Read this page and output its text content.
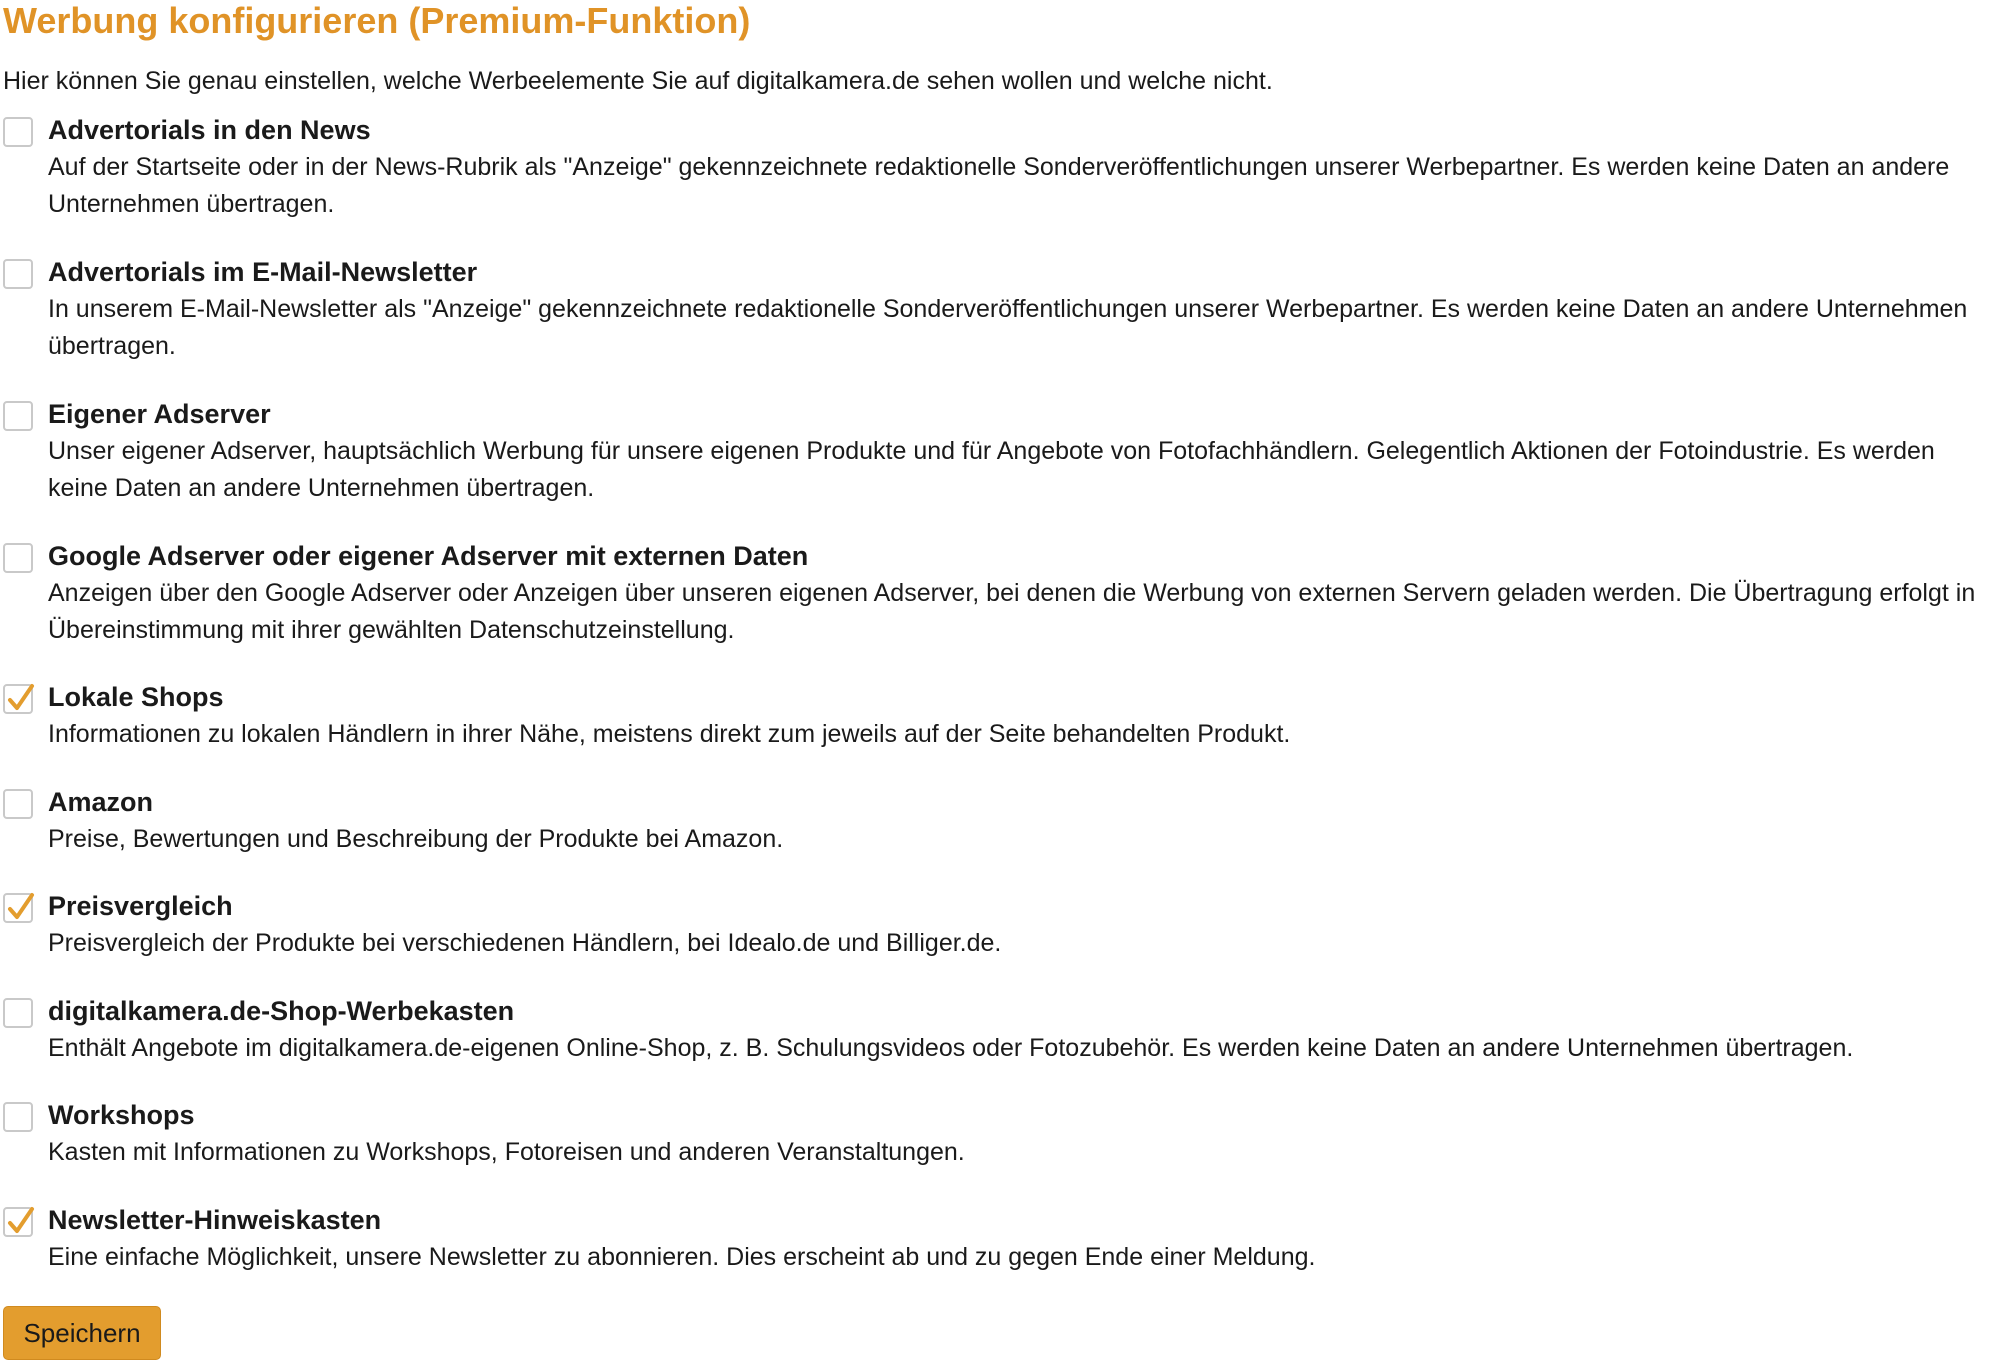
Werbung konfigurieren (Premium-Funktion)

Hier können Sie genau einstellen, welche Werbeelemente Sie auf digitalkamera.de sehen wollen und welche nicht.

Advertorials in den News
Auf der Startseite oder in der News-Rubrik als "Anzeige" gekennzeichnete redaktionelle Sonderveröffentlichungen unserer Werbepartner. Es werden keine Daten an andere Unternehmen übertragen.
Advertorials im E-Mail-Newsletter
In unserem E-Mail-Newsletter als "Anzeige" gekennzeichnete redaktionelle Sonderveröffentlichungen unserer Werbepartner. Es werden keine Daten an andere Unternehmen übertragen.
Eigener Adserver
Unser eigener Adserver, hauptsächlich Werbung für unsere eigenen Produkte und für Angebote von Fotofachhändlern. Gelegentlich Aktionen der Fotoindustrie. Es werden keine Daten an andere Unternehmen übertragen.
Google Adserver oder eigener Adserver mit externen Daten
Anzeigen über den Google Adserver oder Anzeigen über unseren eigenen Adserver, bei denen die Werbung von externen Servern geladen werden. Die Übertragung erfolgt in Übereinstimmung mit ihrer gewählten Datenschutzeinstellung.
Lokale Shops
Informationen zu lokalen Händlern in ihrer Nähe, meistens direkt zum jeweils auf der Seite behandelten Produkt.
Amazon
Preise, Bewertungen und Beschreibung der Produkte bei Amazon.
Preisvergleich
Preisvergleich der Produkte bei verschiedenen Händlern, bei Idealo.de und Billiger.de.
digitalkamera.de-Shop-Werbekasten
Enthält Angebote im digitalkamera.de-eigenen Online-Shop, z. B. Schulungsvideos oder Fotozubehör. Es werden keine Daten an andere Unternehmen übertragen.
Workshops
Kasten mit Informationen zu Workshops, Fotoreisen und anderen Veranstaltungen.
Newsletter-Hinweiskasten
Eine einfache Möglichkeit, unsere Newsletter zu abonnieren. Dies erscheint ab und zu gegen Ende einer Meldung.
Speichern
